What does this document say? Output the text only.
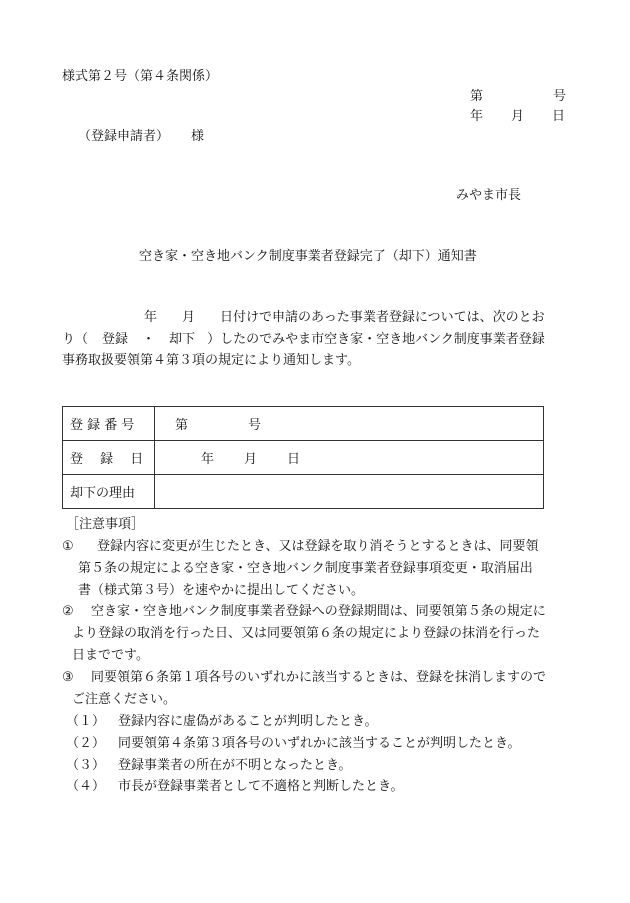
様式第２号（第４条関係）
第	号
年 月 日
（登録申請者） 様
みやま市長
空き家・空き地バンク制度事業者登録完了（却下）通知書
年 月 日付けで申請のあった事業者登録については、次のとお
り（ 登録 ・ 却下 ）したのでみやま市空き家・空き地バンク制度事業者登録
事務取扱要領第４第３項の規定により通知します。
登 録 番 号	第 号
登　 録　 日	年 月 日
却下の理由	
［注意事項］
① 登録内容に変更が生じたとき、又は登録を取り消そうとするときは、同要領
第５条の規定による空き家・空き地バンク制度事業者登録事項変更・取消届出
書（様式第３号）を速やかに提出してください。
② 空き家・空き地バンク制度事業者登録への登録期間は、同要領第５条の規定に
より登録の取消を行った日、又は同要領第６条の規定により登録の抹消を行った
日までです。
③ 同要領第６条第１項各号のいずれかに該当するときは、登録を抹消しますので
ご注意ください。
（１） 登録内容に虚偽があることが判明したとき。
（２） 同要領第４条第３項各号のいずれかに該当することが判明したとき。
（３） 登録事業者の所在が不明となったとき。
（４） 市長が登録事業者として不適格と判断したとき。
